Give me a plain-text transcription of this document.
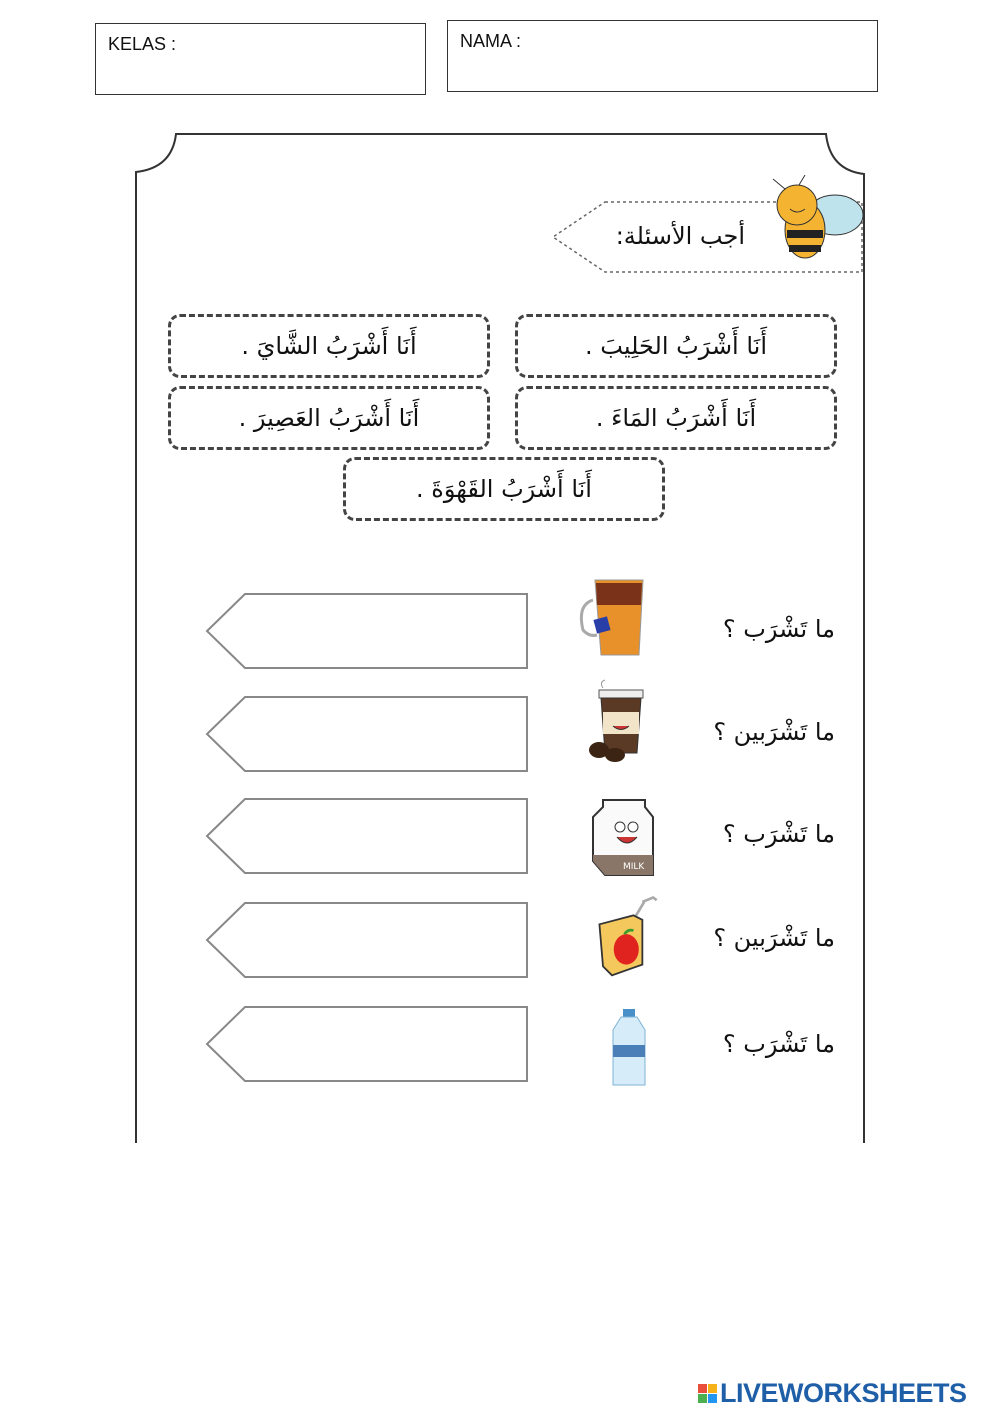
KELAS :	NAMA :
أجب الأسئلة:
أَنَا أَشْرَبُ الحَلِيبَ .
أَنَا أَشْرَبُ الشَّايَ .
أَنَا أَشْرَبُ المَاءَ .
أَنَا أَشْرَبُ العَصِيرَ .
أَنَا أَشْرَبُ القَهْوَةَ .
ما تَشْرَب ؟
ما تَشْرَبين ؟
ما تَشْرَب ؟
ما تَشْرَبين ؟
ما تَشْرَب ؟
MILK
LIVEWORKSHEETS
